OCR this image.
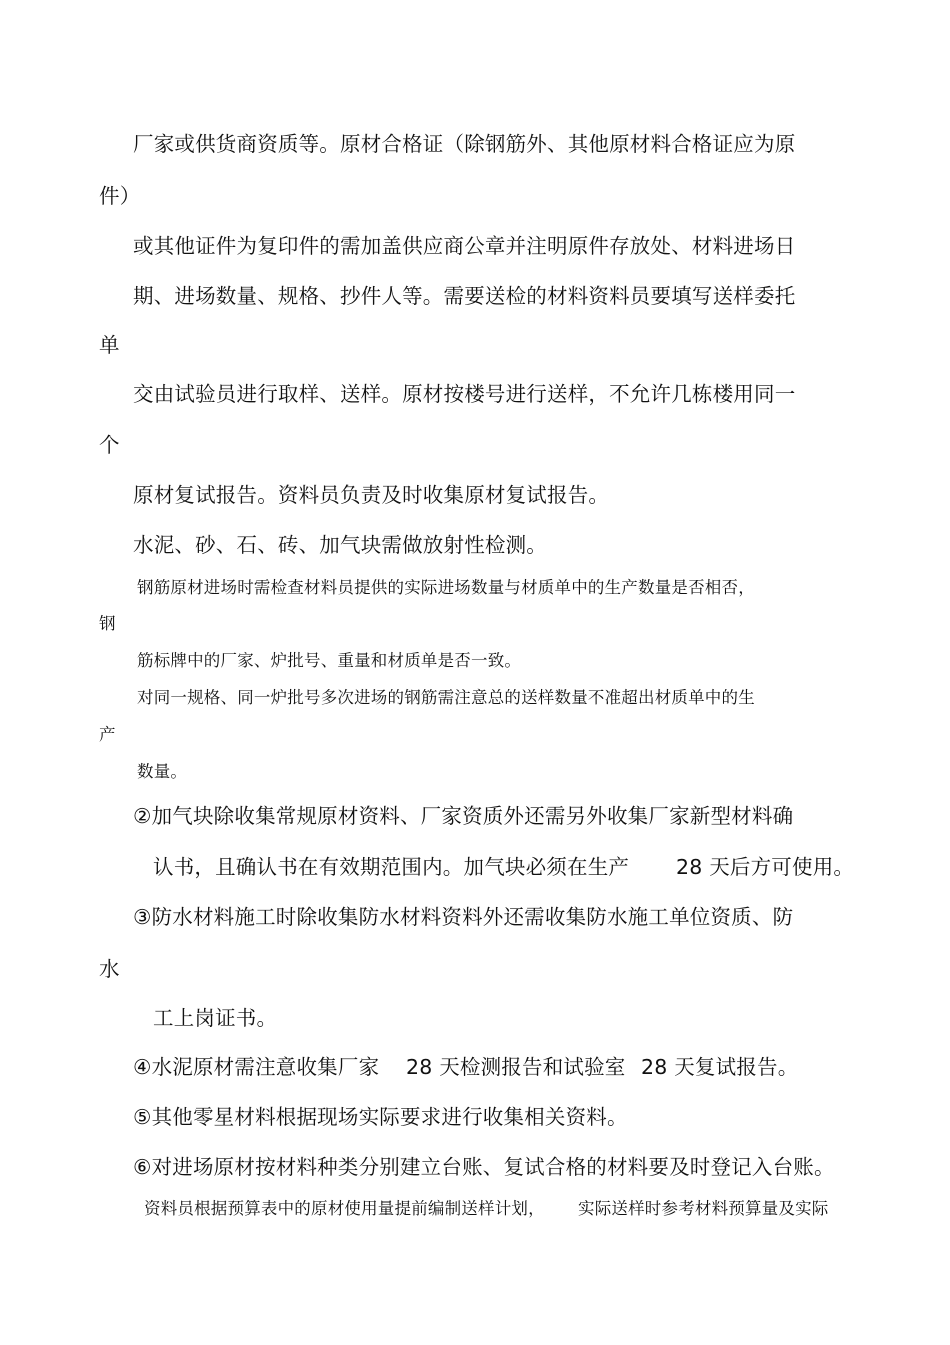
厂家或供货商资质等。原材合格证（除钢筋外、其他原材料合格证应为原
件）
或其他证件为复印件的需加盖供应商公章并注明原件存放处、材料进场日
期、进场数量、规格、抄件人等。需要送检的材料资料员要填写送样委托
单
交由试验员进行取样、送样。原材按楼号进行送样，不允许几栋楼用同一
个
原材复试报告。资料员负责及时收集原材复试报告。
水泥、砂、石、砖、加气块需做放射性检测。
钢筋原材进场时需检查材料员提供的实际进场数量与材质单中的生产数量是否相否，
钢
筋标牌中的厂家、炉批号、重量和材质单是否一致。
对同一规格、同一炉批号多次进场的钢筋需注意总的送样数量不准超出材质单中的生
产
数量。
②加气块除收集常规原材资料、厂家资质外还需另外收集厂家新型材料确
认书，且确认书在有效期范围内。加气块必须在生产 28 天后方可使用。
③防水材料施工时除收集防水材料资料外还需收集防水施工单位资质、防
水
工上岗证书。
④水泥原材需注意收集厂家 28 天检测报告和试验室 28 天复试报告。
⑤其他零星材料根据现场实际要求进行收集相关资料。
⑥对进场原材按材料种类分别建立台账、复试合格的材料要及时登记入台账。
资料员根据预算表中的原材使用量提前编制送样计划， 实际送样时参考材料预算量及实际
